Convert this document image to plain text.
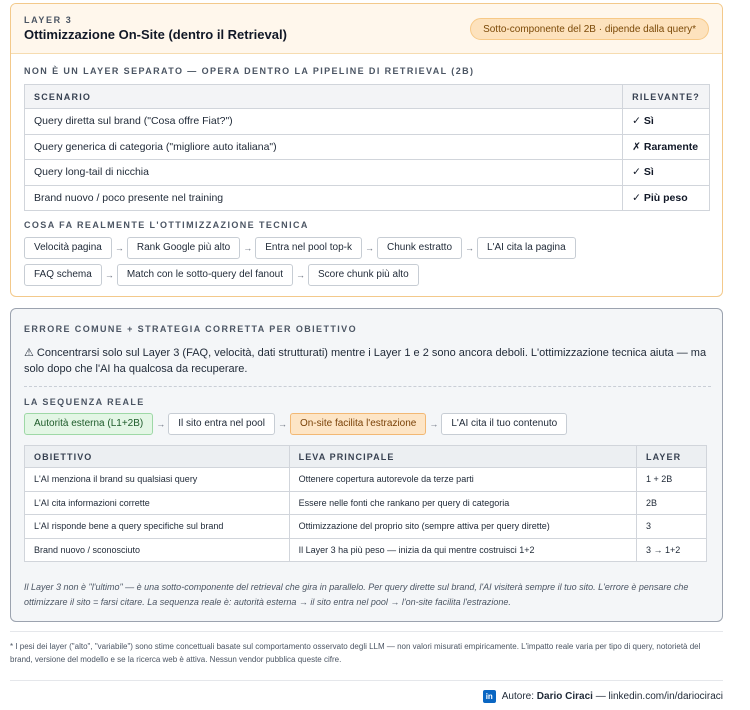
LAYER 3
Ottimizzazione On-Site (dentro il Retrieval)	Sotto-componente del 2B · dipende dalla query*
NON È UN LAYER SEPARATO — OPERA DENTRO LA PIPELINE DI RETRIEVAL (2B)
SCENARIO	RILEVANTE?
Query diretta sul brand ("Cosa offre Fiat?")	✓ Sì
Query generica di categoria ("migliore auto italiana")	✗ Raramente
Query long-tail di nicchia	✓ Sì
Brand nuovo / poco presente nel training	✓ Più peso
COSA FA REALMENTE L'OTTIMIZZAZIONE TECNICA
Velocità pagina	→	Rank Google più alto	→	Entra nel pool top-k	→	Chunk estratto	→	L'AI cita la pagina
FAQ schema	→	Match con le sotto-query del fanout	→	Score chunk più alto
ERRORE COMUNE + STRATEGIA CORRETTA PER OBIETTIVO
⚠ Concentrarsi solo sul Layer 3 (FAQ, velocità, dati strutturati) mentre i Layer 1 e 2 sono ancora deboli. L'ottimizzazione tecnica aiuta — ma solo dopo che l'AI ha qualcosa da recuperare.
LA SEQUENZA REALE
Autorità esterna (L1+2B)	→	Il sito entra nel pool	→	On-site facilita l'estrazione	→	L'AI cita il tuo contenuto
OBIETTIVO	LEVA PRINCIPALE	LAYER
L'AI menziona il brand su qualsiasi query	Ottenere copertura autorevole da terze parti	1 + 2B
L'AI cita informazioni corrette	Essere nelle fonti che rankano per query di categoria	2B
L'AI risponde bene a query specifiche sul brand	Ottimizzazione del proprio sito (sempre attiva per query dirette)	3
Brand nuovo / sconosciuto	Il Layer 3 ha più peso — inizia da qui mentre costruisci 1+2	3 → 1+2
Il Layer 3 non è "l'ultimo" — è una sotto-componente del retrieval che gira in parallelo. Per query dirette sul brand, l'AI visiterà sempre il tuo sito. L'errore è pensare che ottimizzare il sito = farsi citare. La sequenza reale è: autorità esterna → il sito entra nel pool → l'on-site facilita l'estrazione.
* I pesi dei layer ("alto", "variabile") sono stime concettuali basate sul comportamento osservato degli LLM — non valori misurati empiricamente. L'impatto reale varia per tipo di query, notorietà del brand, versione del modello e se la ricerca web è attiva. Nessun vendor pubblica queste cifre.
in Autore:
Dario Ciraci
—
linkedin.com/in/dariociraci
